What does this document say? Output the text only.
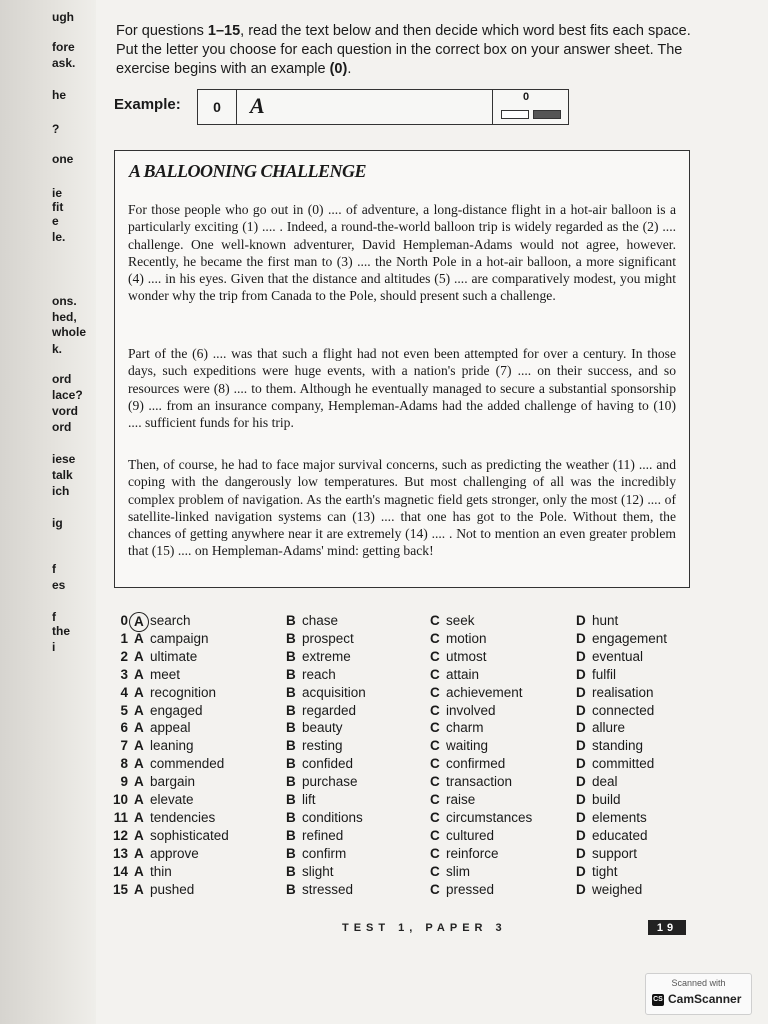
ugh
fore
ask.
he
?
one
ie
fit
e
le.
ons.
hed,
whole
k.
ord
lace?
vord
ord
iese
talk
ich
ig
f
es
f the
i
For questions 1–15, read the text below and then decide which word best fits each space. Put the letter you choose for each question in the correct box on your answer sheet. The exercise begins with an example (0).
Example:	0	A	0
A BALLOONING CHALLENGE
For those people who go out in (0) .... of adventure, a long-distance flight in a hot-air balloon is a particularly exciting (1) .... . Indeed, a round-the-world balloon trip is widely regarded as the (2) .... challenge. One well-known adventurer, David Hempleman-Adams would not agree, however. Recently, he became the first man to (3) .... the North Pole in a hot-air balloon, a more significant (4) .... in his eyes. Given that the distance and altitudes (5) .... are comparatively modest, you might wonder why the trip from Canada to the Pole, should present such a challenge.
Part of the (6) .... was that such a flight had not even been attempted for over a century. In those days, such expeditions were huge events, with a nation's pride (7) .... on their success, and so resources were (8) .... to them. Although he eventually managed to secure a substantial sponsorship (9) .... from an insurance company, Hempleman-Adams had the added challenge of having to (10) .... sufficient funds for his trip.
Then, of course, he had to face major survival concerns, such as predicting the weather (11) .... and coping with the dangerously low temperatures. But most challenging of all was the incredibly complex problem of navigation. As the earth's magnetic field gets stronger, only the most (12) .... of satellite-linked navigation systems can (13) .... that one has got to the Pole. Without them, the chances of getting anywhere near it are extremely (14) .... . Not to mention an even greater problem that (15) .... on Hempleman-Adams' mind: getting back!
0 A search	B chase	C seek	D hunt
1 A campaign	B prospect	C motion	D engagement
2 A ultimate	B extreme	C utmost	D eventual
3 A meet	B reach	C attain	D fulfil
4 A recognition	B acquisition	C achievement	D realisation
5 A engaged	B regarded	C involved	D connected
6 A appeal	B beauty	C charm	D allure
7 A leaning	B resting	C waiting	D standing
8 A commended	B confided	C confirmed	D committed
9 A bargain	B purchase	C transaction	D deal
10 A elevate	B lift	C raise	D build
11 A tendencies	B conditions	C circumstances	D elements
12 A sophisticated	B refined	C cultured	D educated
13 A approve	B confirm	C reinforce	D support
14 A thin	B slight	C slim	D tight
15 A pushed	B stressed	C pressed	D weighed
TEST 1, PAPER 3	19
Scanned with
CS CamScanner
